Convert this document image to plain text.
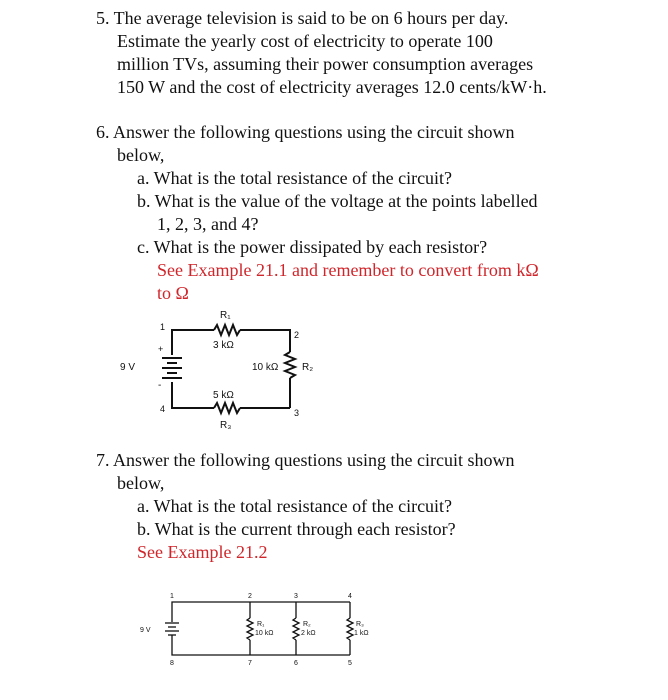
5. The average television is said to be on 6 hours per day.

Estimate the yearly cost of electricity to operate 100

million TVs, assuming their power consumption averages

150 W and the cost of electricity averages 12.0 cents/kW·h.

6. Answer the following questions using the circuit shown

below,

a. What is the total resistance of the circuit?

b. What is the value of the voltage at the points labelled

1, 2, 3, and 4?

c. What is the power dissipated by each resistor?

See Example 21.1 and remember to convert from kΩ

to Ω

9 V
+
-
R₁
3 kΩ
R₂
10 kΩ
5 kΩ
R₃
1
2
3
4

7. Answer the following questions using the circuit shown

below,

a. What is the total resistance of the circuit?

b. What is the current through each resistor?

See Example 21.2

9 V
R₁
10 kΩ
R₂
2 kΩ
R₃
1 kΩ
1	2	3	4
5
6
7
8
